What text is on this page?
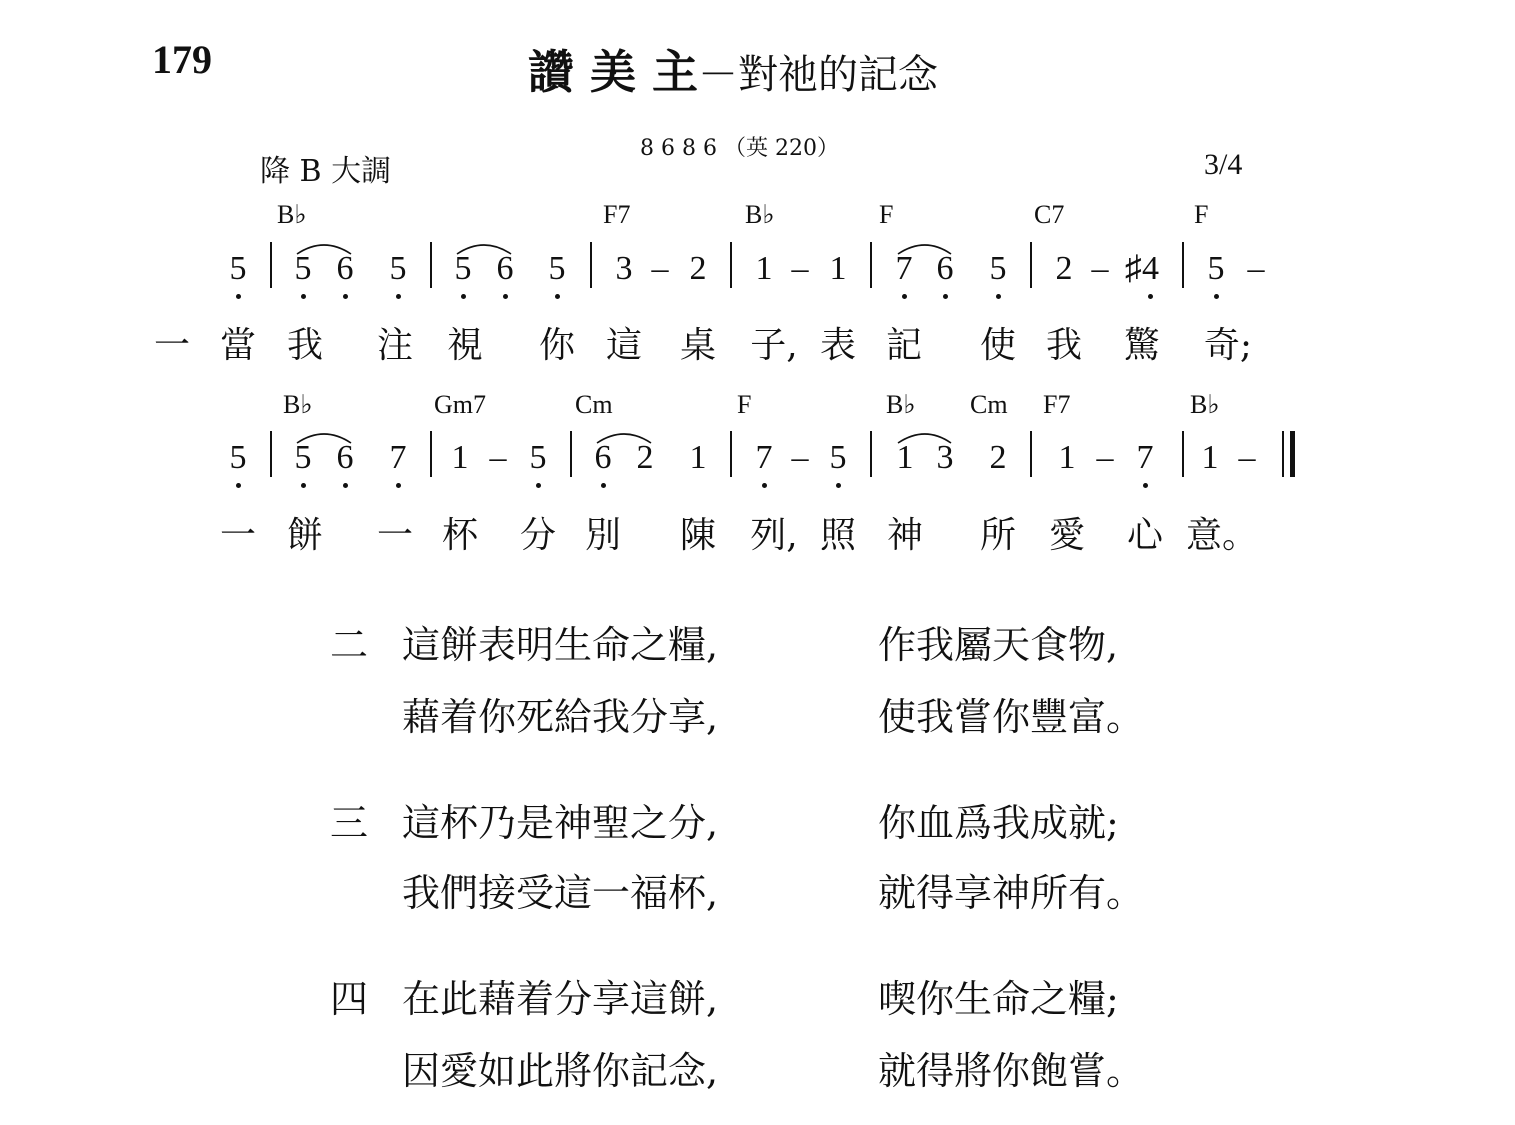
179	讚 美 主－對祂的記念
8 6 8 6 （英 220）
降 B 大調	3/4
B♭	F7	B♭	F	C7	F
5 5 6 5 5 6 5 3 – 2 1 – 1 7 6 5 2 – ♯4 5 –
一 當 我 注 視 你 這 桌 子, 表 記 使 我 驚 奇;
B♭	Gm7	Cm	F	B♭ Cm F7	B♭
5 5 6 7 1 – 5 6 2 1 7 – 5 1 3 2 1 – 7 1 –
一 餅 一 杯 分 別 陳 列, 照 神 所 愛 心 意。
二 這餅表明生命之糧,	作我屬天食物,
藉着你死給我分享,	使我嘗你豐富。
三 這杯乃是神聖之分,	你血爲我成就;
我們接受這一福杯,	就得享神所有。
四 在此藉着分享這餅,	喫你生命之糧;
因愛如此將你記念,	就得將你飽嘗。
